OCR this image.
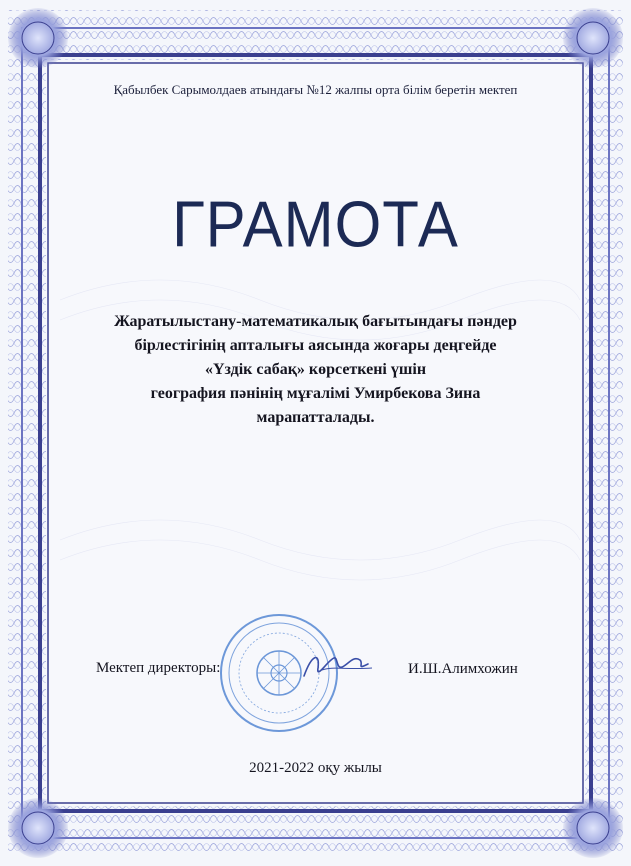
Қабылбек Сарымолдаев атындағы №12 жалпы орта білім беретін мектеп
ГРАМОТА
Жаратылыстану-математикалық бағытындағы пәндер
бірлестігінің апталығы аясында жоғары деңгейде
«Үздік сабақ» көрсеткені үшін
география пәнінің мұғалімі Умирбекова Зина
марапатталады.
Мектеп директоры:	И.Ш.Алимхожин
2021-2022 оқу жылы
